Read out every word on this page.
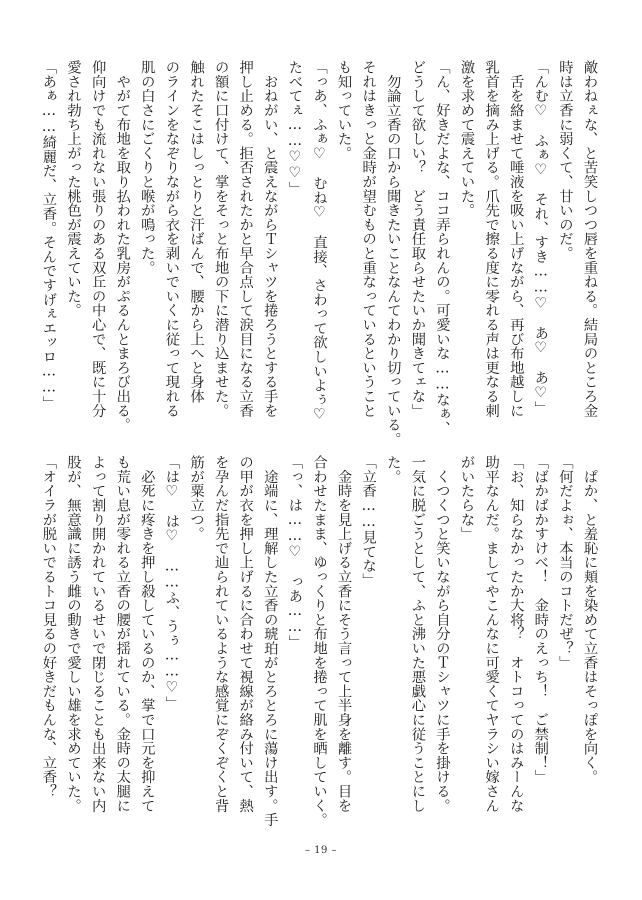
敵わねぇな、と苦笑しつつ唇を重ねる。結局のところ金

時は立香に弱くて、甘いのだ。

「んむ♡　ふぁ♡　それ、すき……♡　あ♡　あ♡」

　舌を絡ませて唾液を吸い上げながら、再び布地越しに

乳首を摘み上げる。爪先で擦る度に零れる声は更なる刺

激を求めて震えていた。

「ん、好きだよな、ココ弄られんの。可愛いな……なぁ、

どうして欲しい？　どう責任取らせたいか聞きてェな」

　勿論立香の口から聞きたいことなんてわかり切っている。

それはきっと金時が望むものと重なっているということ

も知っていた。

「っあ、ふぁ♡　むね♡　直接、さわって欲しいよぅ♡

たべてぇ……♡♡」

　おねがい、と震えながらＴシャツを捲ろうとする手を

押し止める。拒否されたかと早合点して涙目になる立香

の額に口付けて、掌をそっと布地の下に潜り込ませた。

触れたそこはしっとりと汗ばんで、腰から上へと身体

のラインをなぞりながら衣を剥いでいくに従って現れる

肌の白さにごくりと喉が鳴った。

　やがて布地を取り払われた乳房がぷるんとまろび出る。

仰向けでも流れない張りのある双丘の中心で、既に十分

愛され勃ち上がった桃色が震えていた。

「あぁ……綺麗だ、立香。そんですげぇエッロ……」

　ぱか、と羞恥に頬を染めて立香はそっぽを向く。

「何だよぉ、本当のコトだぜ？」

「ばかばかすけべ！　金時のえっち！　ご禁制！」

「お、知らなかったか大将？　オトコってのはみーんな

助平なんだ。ましてやこんなに可愛くてヤラシい嫁さん

がいたらな」

　くつくつと笑いながら自分のＴシャツに手を掛ける。

一気に脱ごうとして、ふと沸いた悪戯心に従うことにし

た。

「立香……見てな」

　金時を見上げる立香にそう言って上半身を離す。目を

合わせたまま、ゆっくりと布地を捲って肌を晒していく。

「っ、は……♡　っあ……」

　途端に、理解した立香の琥珀がとろとろに蕩け出す。手

の甲が衣を押し上げるに合わせて視線が絡み付いて、熱

を孕んだ指先で辿られているような感覚にぞくぞくと背

筋が粟立つ。

「は♡　は♡　……ふ、うぅ……♡」

　必死に疼きを押し殺しているのか、掌で口元を抑えて

も荒い息が零れる立香の腰が揺れている。金時の太腿に

よって割り開かれているせいで閉じることも出来ない内

股が、無意識に誘う雌の動きで愛しい雄を求めていた。

「オイラが脱いでるトコ見るの好きだもんな、立香？

– 19 –
